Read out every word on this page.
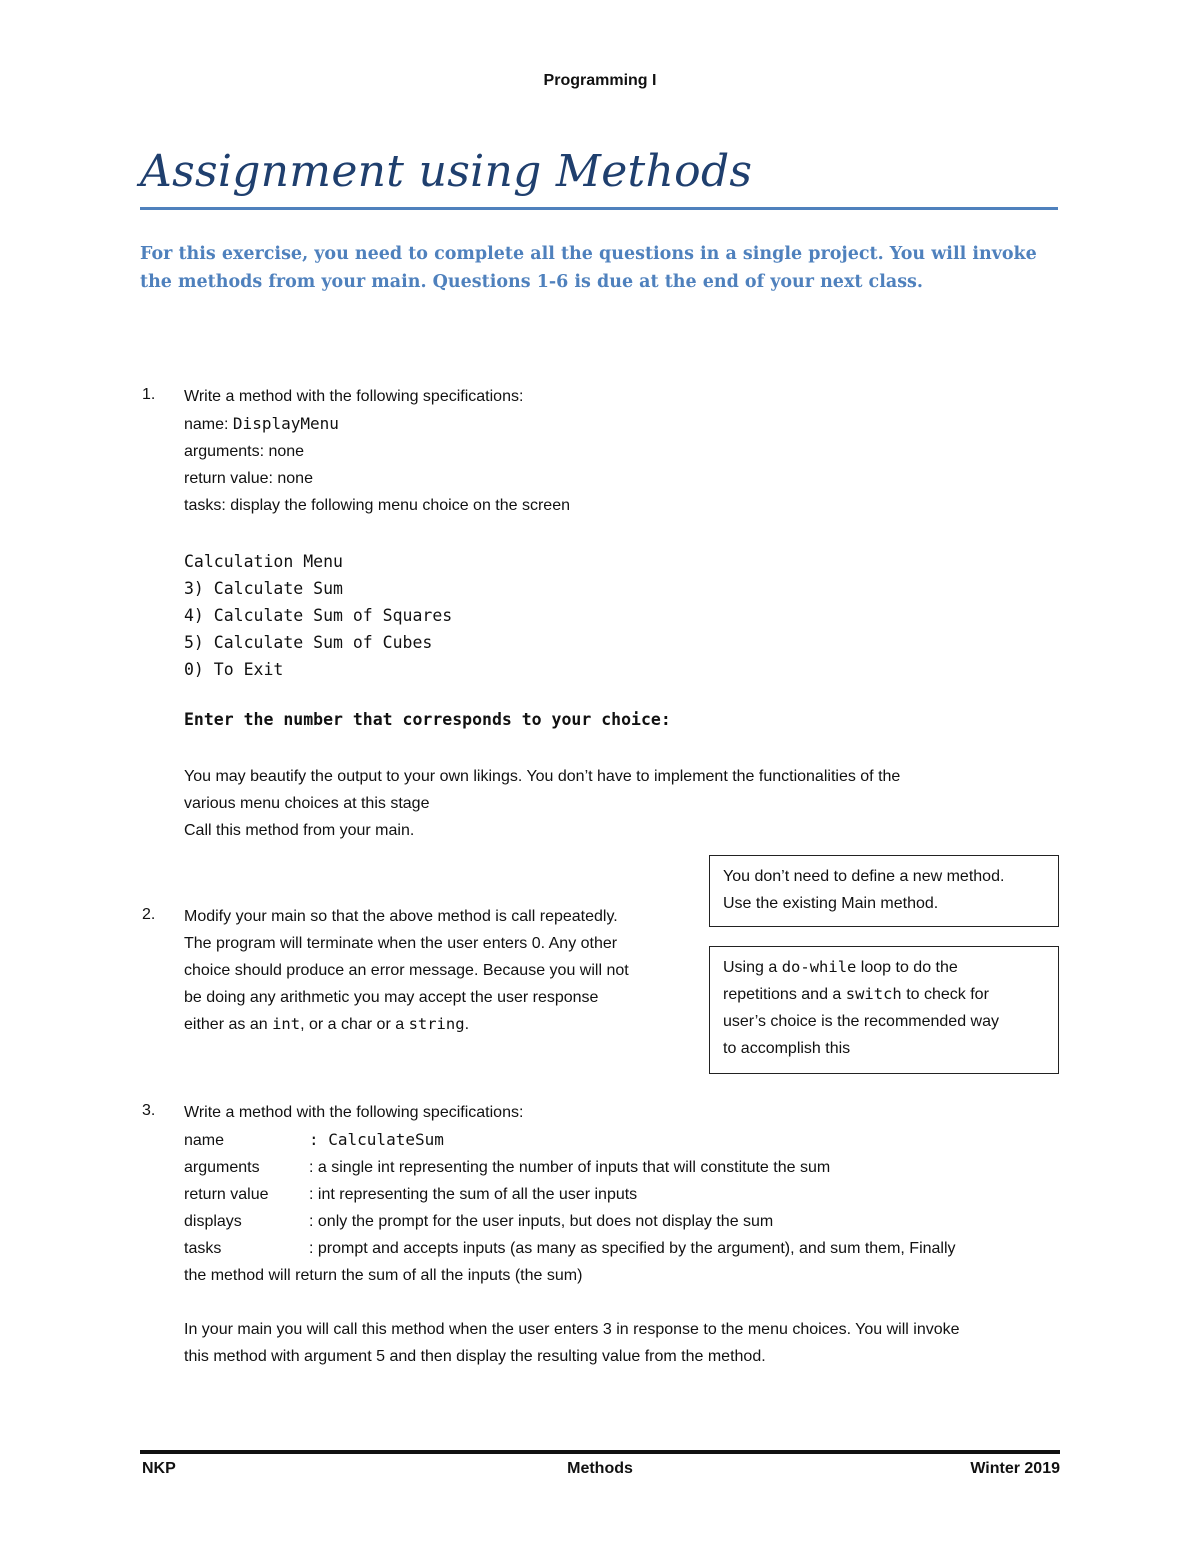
Programming I
Assignment using Methods
For this exercise, you need to complete all the questions in a single project. You will invoke
the methods from your main. Questions 1-6 is due at the end of your next class.
1. Write a method with the following specifications:
name: DisplayMenu
arguments: none
return value: none
tasks: display the following menu choice on the screen
Calculation Menu
3) Calculate Sum
4) Calculate Sum of Squares
5) Calculate Sum of Cubes
0) To Exit
Enter the number that corresponds to your choice:
You may beautify the output to your own likings. You don’t have to implement the functionalities of the
various menu choices at this stage
Call this method from your main.
You don’t need to define a new method.
Use the existing Main method.
Using a do-while loop to do the
repetitions and a switch to check for
user’s choice is the recommended way
to accomplish this
2. Modify your main so that the above method is call repeatedly.
The program will terminate when the user enters 0. Any other
choice should produce an error message. Because you will not
be doing any arithmetic you may accept the user response
either as an int, or a char or a string.
3. Write a method with the following specifications:
name	: CalculateSum
arguments	: a single int representing the number of inputs that will constitute the sum
return value	: int representing the sum of all the user inputs
displays	: only the prompt for the user inputs, but does not display the sum
tasks	: prompt and accepts inputs (as many as specified by the argument), and sum them, Finally
the method will return the sum of all the inputs (the sum)

In your main you will call this method when the user enters 3 in response to the menu choices. You will invoke
this method with argument 5 and then display the resulting value from the method.
NKP	Methods	Winter 2019
